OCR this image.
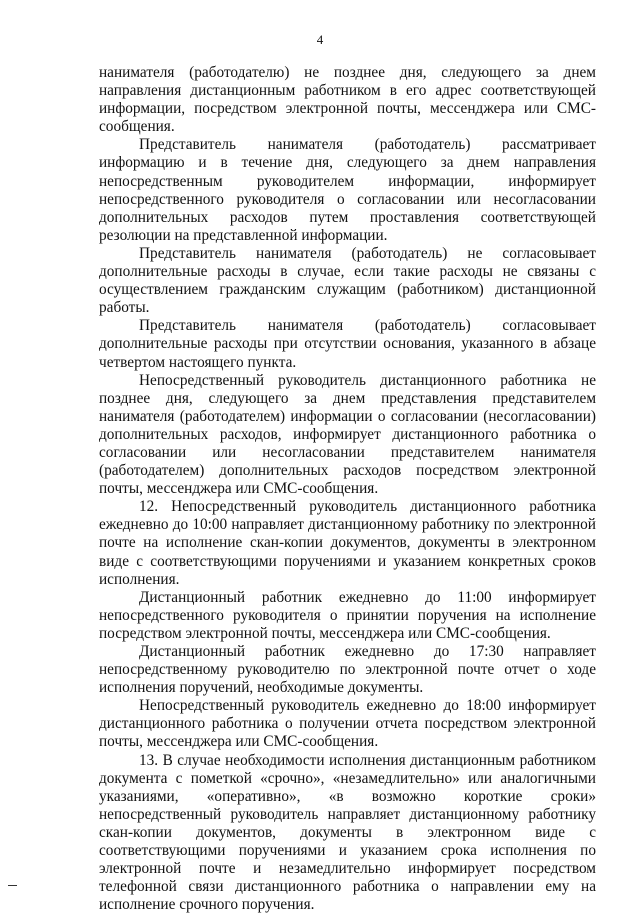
4

нанимателя (работодателю) не позднее дня, следующего за днем направления дистанционным работником в его адрес соответствующей информации, посредством электронной почты, мессенджера или СМС-сообщения.

Представитель нанимателя (работодатель) рассматривает информацию и в течение дня, следующего за днем направления непосредственным руководителем информации, информирует непосредственного руководителя о согласовании или несогласовании дополнительных расходов путем проставления соответствующей резолюции на представленной информации.

Представитель нанимателя (работодатель) не согласовывает дополнительные расходы в случае, если такие расходы не связаны с осуществлением гражданским служащим (работником) дистанционной работы.

Представитель нанимателя (работодатель) согласовывает дополнительные расходы при отсутствии основания, указанного в абзаце четвертом настоящего пункта.

Непосредственный руководитель дистанционного работника не позднее дня, следующего за днем представления представителем нанимателя (работодателем) информации о согласовании (несогласовании) дополнительных расходов, информирует дистанционного работника о согласовании или несогласовании представителем нанимателя (работодателем) дополнительных расходов посредством электронной почты, мессенджера или СМС-сообщения.

12. Непосредственный руководитель дистанционного работника ежедневно до 10:00 направляет дистанционному работнику по электронной почте на исполнение скан-копии документов, документы в электронном виде с соответствующими поручениями и указанием конкретных сроков исполнения.

Дистанционный работник ежедневно до 11:00 информирует непосредственного руководителя о принятии поручения на исполнение посредством электронной почты, мессенджера или СМС-сообщения.

Дистанционный работник ежедневно до 17:30 направляет непосредственному руководителю по электронной почте отчет о ходе исполнения поручений, необходимые документы.

Непосредственный руководитель ежедневно до 18:00 информирует дистанционного работника о получении отчета посредством электронной почты, мессенджера или СМС-сообщения.

13. В случае необходимости исполнения дистанционным работником документа с пометкой «срочно», «незамедлительно» или аналогичными указаниями, «оперативно», «в возможно короткие сроки» непосредственный руководитель направляет дистанционному работнику скан-копии документов, документы в электронном виде с соответствующими поручениями и указанием срока исполнения по электронной почте и незамедлительно информирует посредством телефонной связи дистанционного работника о направлении ему на исполнение срочного поручения.
